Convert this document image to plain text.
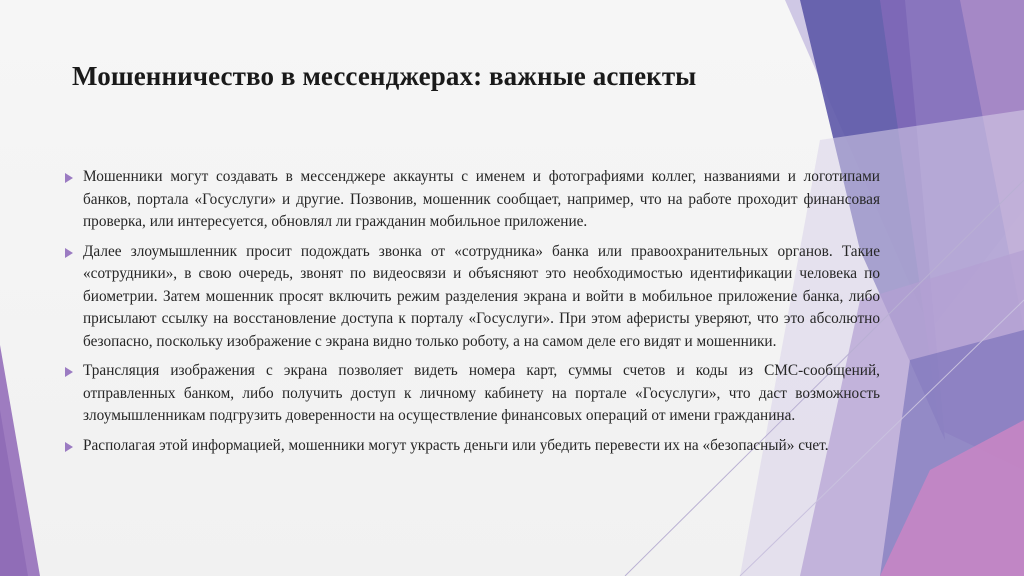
Мошенничество в мессенджерах: важные аспекты
Мошенники могут создавать в мессенджере аккаунты с именем и фотографиями коллег, названиями и логотипами банков, портала «Госуслуги» и другие. Позвонив, мошенник сообщает, например, что на работе проходит финансовая проверка, или интересуется, обновлял ли гражданин мобильное приложение.
Далее злоумышленник просит подождать звонка от «сотрудника» банка или правоохранительных органов. Такие «сотрудники», в свою очередь, звонят по видеосвязи и объясняют это необходимостью идентификации человека по биометрии. Затем мошенник просят включить режим разделения экрана и войти в мобильное приложение банка, либо присылают ссылку на восстановление доступа к порталу «Госуслуги». При этом аферисты уверяют, что это абсолютно безопасно, поскольку изображение с экрана видно только роботу, а на самом деле его видят и мошенники.
Трансляция изображения с экрана позволяет видеть номера карт, суммы счетов и коды из СМС-сообщений, отправленных банком, либо получить доступ к личному кабинету на портале «Госуслуги», что даст возможность злоумышленникам подгрузить доверенности на осуществление финансовых операций от имени гражданина.
Располагая этой информацией, мошенники могут украсть деньги или убедить перевести их на «безопасный» счет.
